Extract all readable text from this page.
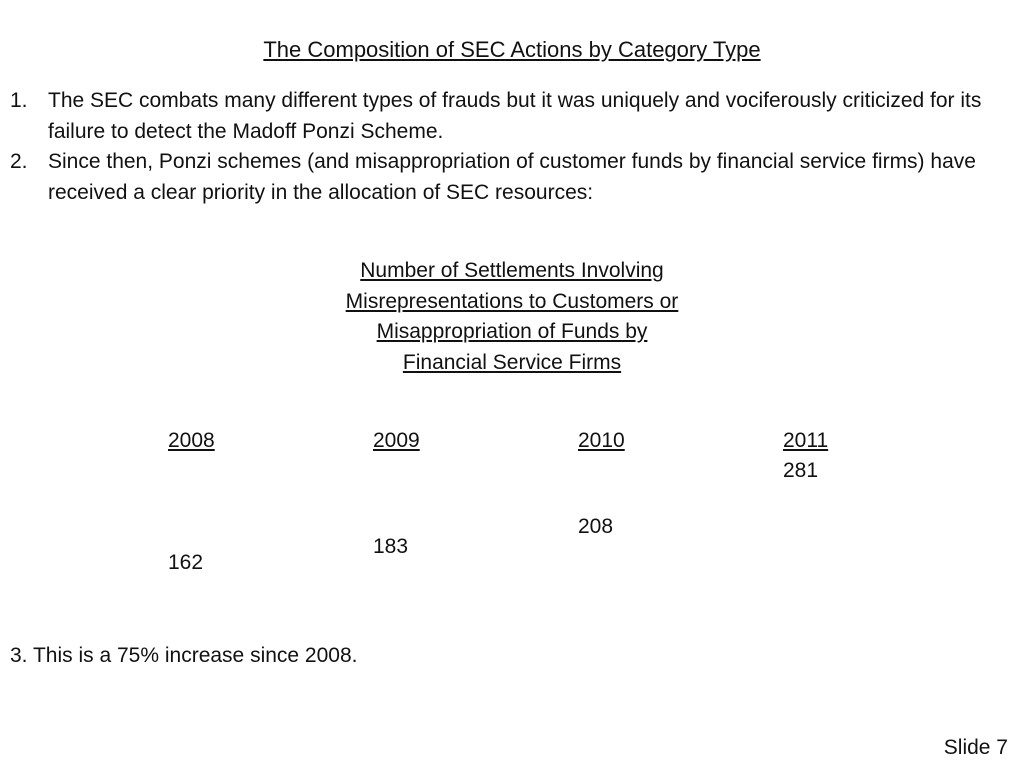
The Composition of SEC Actions by Category Type
1. The SEC combats many different types of frauds but it was uniquely and vociferously criticized for its failure to detect the Madoff Ponzi Scheme.
2. Since then, Ponzi schemes (and misappropriation of customer funds by financial service firms) have received a clear priority in the allocation of SEC resources:
Number of Settlements Involving
Misrepresentations to Customers or
Misappropriation of Funds by
Financial Service Firms
2008
162
2009
183
2010
208
2011
281
3. This is a 75% increase since 2008.
Slide 7
